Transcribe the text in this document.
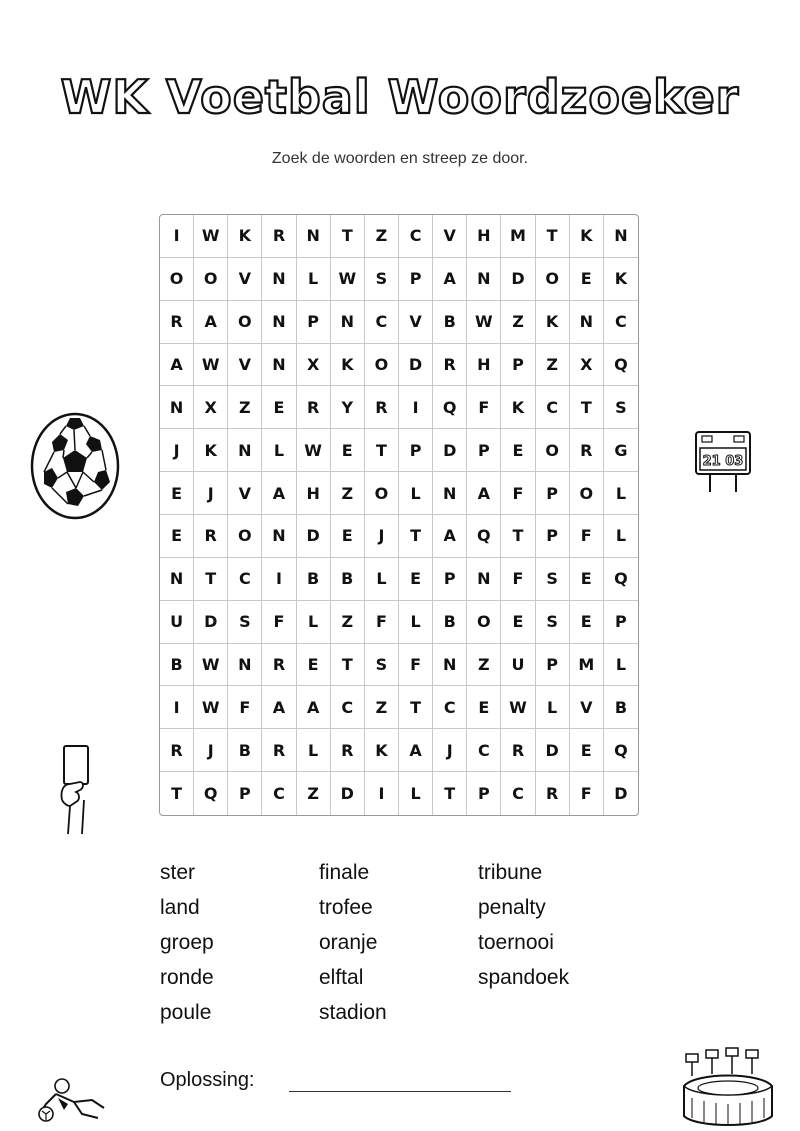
WK Voetbal Woordzoeker
Zoek de woorden en streep ze door.
I	W	K	R	N	T	Z	C	V	H	M	T	K	N
O	O	V	N	L	W	S	P	A	N	D	O	E	K
R	A	O	N	P	N	C	V	B	W	Z	K	N	C
A	W	V	N	X	K	O	D	R	H	P	Z	X	Q
N	X	Z	E	R	Y	R	I	Q	F	K	C	T	S
J	K	N	L	W	E	T	P	D	P	E	O	R	G
E	J	V	A	H	Z	O	L	N	A	F	P	O	L
E	R	O	N	D	E	J	T	A	Q	T	P	F	L
N	T	C	I	B	B	L	E	P	N	F	S	E	Q
U	D	S	F	L	Z	F	L	B	O	E	S	E	P
B	W	N	R	E	T	S	F	N	Z	U	P	M	L
I	W	F	A	A	C	Z	T	C	E	W	L	V	B
R	J	B	R	L	R	K	A	J	C	R	D	E	Q
T	Q	P	C	Z	D	I	L	T	P	C	R	F	D
ster
land
groep
ronde
poule
finale
trofee
oranje
elftal
stadion
tribune
penalty
toernooi
spandoek
Oplossing:
21 03
